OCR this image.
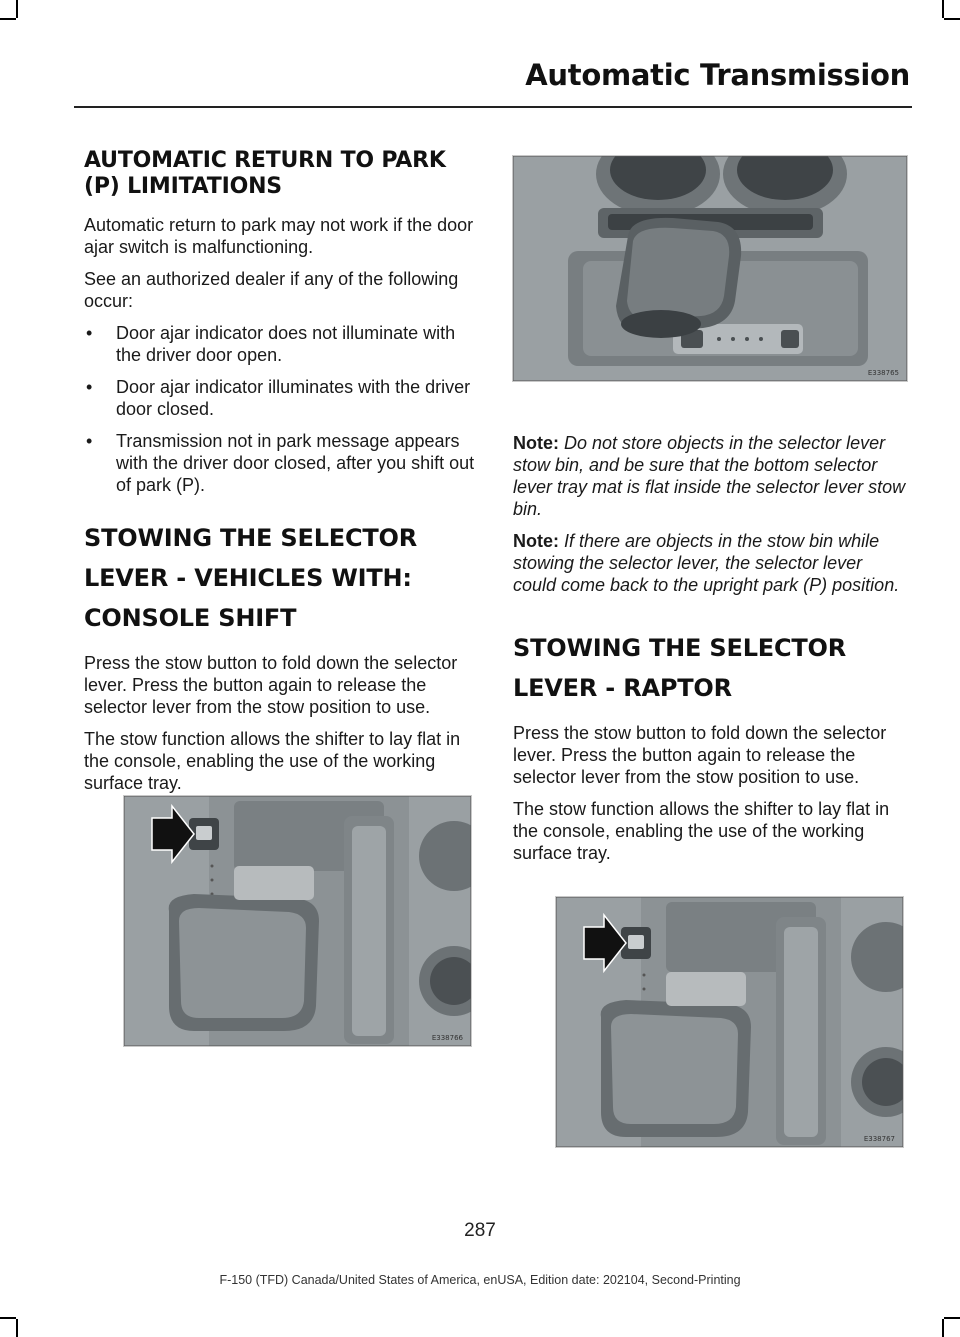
Automatic Transmission
AUTOMATIC RETURN TO PARK (P) LIMITATIONS

Automatic return to park may not work if the door ajar switch is malfunctioning.

See an authorized dealer if any of the following occur:

• Door ajar indicator does not illuminate with the driver door open.
• Door ajar indicator illuminates with the driver door closed.
• Transmission not in park message appears with the driver door closed, after you shift out of park (P).
STOWING THE SELECTOR LEVER - VEHICLES WITH: CONSOLE SHIFT

Press the stow button to fold down the selector lever. Press the button again to release the selector lever from the stow position to use.

The stow function allows the shifter to lay flat in the console, enabling the use of the working surface tray.

Note: Do not store objects in the selector lever stow bin, and be sure that the bottom selector lever tray mat is flat inside the selector lever stow bin.

Note: If there are objects in the stow bin while stowing the selector lever, the selector lever could come back to the upright park (P) position.

STOWING THE SELECTOR LEVER - RAPTOR

Press the stow button to fold down the selector lever. Press the button again to release the selector lever from the stow position to use.

The stow function allows the shifter to lay flat in the console, enabling the use of the working surface tray.

E338765
E338766
E338767
287
F-150 (TFD) Canada/United States of America, enUSA, Edition date: 202104, Second-Printing
